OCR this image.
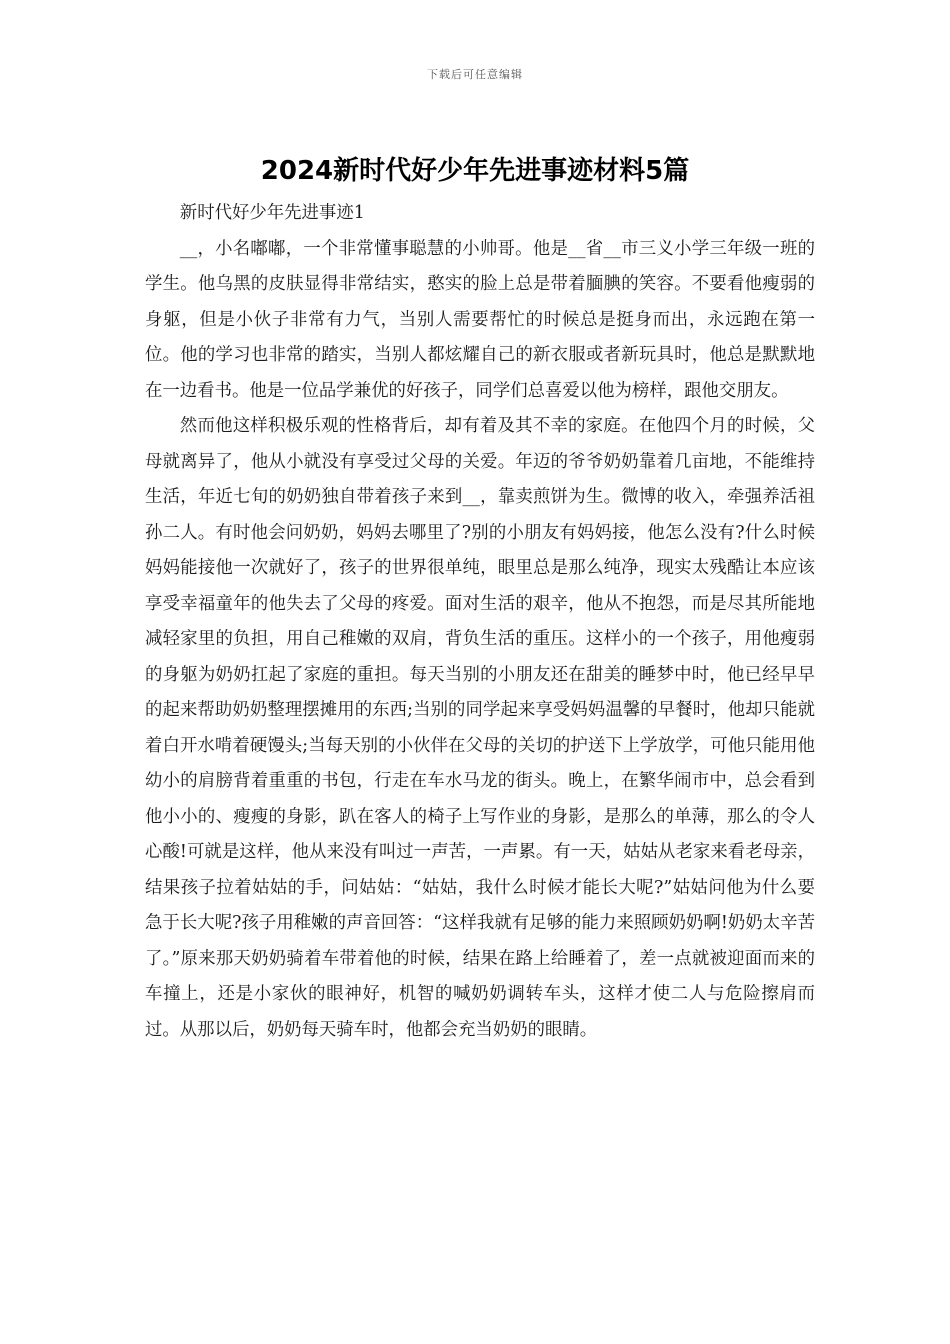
下载后可任意编辑
2024新时代好少年先进事迹材料5篇

新时代好少年先进事迹1

__，小名嘟嘟，一个非常懂事聪慧的小帅哥。他是__省__市三义小学三年级一班的学生。他乌黑的皮肤显得非常结实，憨实的脸上总是带着腼腆的笑容。不要看他瘦弱的身躯，但是小伙子非常有力气，当别人需要帮忙的时候总是挺身而出，永远跑在第一位。他的学习也非常的踏实，当别人都炫耀自己的新衣服或者新玩具时，他总是默默地在一边看书。他是一位品学兼优的好孩子，同学们总喜爱以他为榜样，跟他交朋友。

然而他这样积极乐观的性格背后，却有着及其不幸的家庭。在他四个月的时候，父母就离异了，他从小就没有享受过父母的关爱。年迈的爷爷奶奶靠着几亩地，不能维持生活，年近七旬的奶奶独自带着孩子来到__，靠卖煎饼为生。微博的收入，牵强养活祖孙二人。有时他会问奶奶，妈妈去哪里了?别的小朋友有妈妈接，他怎么没有?什么时候妈妈能接他一次就好了，孩子的世界很单纯，眼里总是那么纯净，现实太残酷让本应该享受幸福童年的他失去了父母的疼爱。面对生活的艰辛，他从不抱怨，而是尽其所能地减轻家里的负担，用自己稚嫩的双肩，背负生活的重压。这样小的一个孩子，用他瘦弱的身躯为奶奶扛起了家庭的重担。每天当别的小朋友还在甜美的睡梦中时，他已经早早的起来帮助奶奶整理摆摊用的东西;当别的同学起来享受妈妈温馨的早餐时，他却只能就着白开水啃着硬馒头;当每天别的小伙伴在父母的关切的护送下上学放学，可他只能用他幼小的肩膀背着重重的书包，行走在车水马龙的街头。晚上，在繁华闹市中，总会看到他小小的、瘦瘦的身影，趴在客人的椅子上写作业的身影，是那么的单薄，那么的令人心酸!可就是这样，他从来没有叫过一声苦，一声累。有一天，姑姑从老家来看老母亲，结果孩子拉着姑姑的手，问姑姑：“姑姑，我什么时候才能长大呢?”姑姑问他为什么要急于长大呢?孩子用稚嫩的声音回答：“这样我就有足够的能力来照顾奶奶啊!奶奶太辛苦了。”原来那天奶奶骑着车带着他的时候，结果在路上给睡着了，差一点就被迎面而来的车撞上，还是小家伙的眼神好，机智的喊奶奶调转车头，这样才使二人与危险擦肩而过。从那以后，奶奶每天骑车时，他都会充当奶奶的眼睛。
